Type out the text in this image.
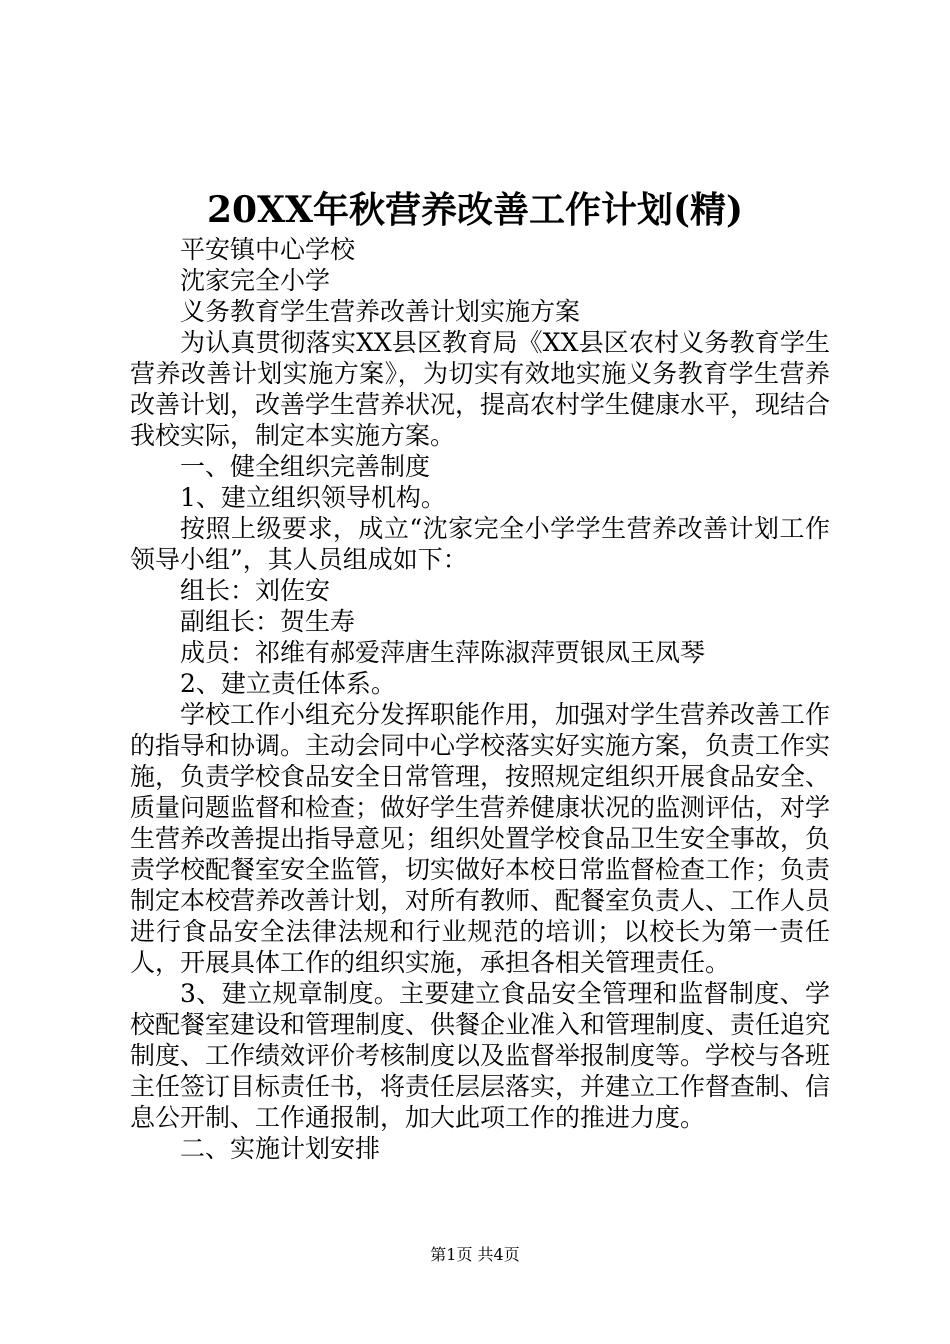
20XX年秋营养改善工作计划(精)

平安镇中心学校

沈家完全小学

义务教育学生营养改善计划实施方案

为认真贯彻落实XX县区教育局《XX县区农村义务教育学生营养改善计划实施方案》，为切实有效地实施义务教育学生营养改善计划，改善学生营养状况，提高农村学生健康水平，现结合我校实际，制定本实施方案。

一、健全组织完善制度

1、建立组织领导机构。

按照上级要求，成立“沈家完全小学学生营养改善计划工作领导小组”，其人员组成如下：

组长：刘佐安

副组长：贺生寿

成员：祁维有郝爱萍唐生萍陈淑萍贾银凤王凤琴

2、建立责任体系。

学校工作小组充分发挥职能作用，加强对学生营养改善工作的指导和协调。主动会同中心学校落实好实施方案，负责工作实施，负责学校食品安全日常管理，按照规定组织开展食品安全、质量问题监督和检查；做好学生营养健康状况的监测评估，对学生营养改善提出指导意见；组织处置学校食品卫生安全事故，负责学校配餐室安全监管，切实做好本校日常监督检查工作；负责制定本校营养改善计划，对所有教师、配餐室负责人、工作人员进行食品安全法律法规和行业规范的培训；以校长为第一责任人，开展具体工作的组织实施，承担各相关管理责任。

3、建立规章制度。主要建立食品安全管理和监督制度、学校配餐室建设和管理制度、供餐企业准入和管理制度、责任追究制度、工作绩效评价考核制度以及监督举报制度等。学校与各班主任签订目标责任书，将责任层层落实，并建立工作督查制、信息公开制、工作通报制，加大此项工作的推进力度。

二、实施计划安排

第1页 共4页
